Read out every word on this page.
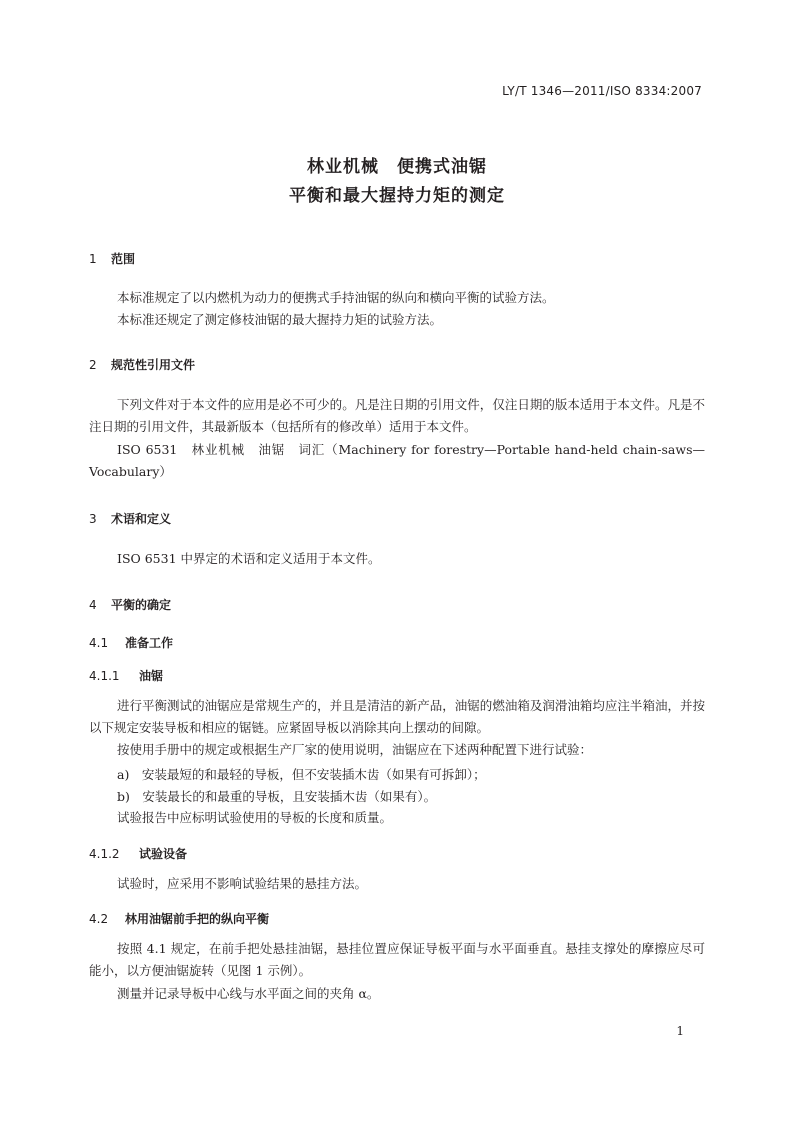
LY/T 1346—2011/ISO 8334:2007
林业机械　便携式油锯
平衡和最大握持力矩的测定
1 范围
本标准规定了以内燃机为动力的便携式手持油锯的纵向和横向平衡的试验方法。
本标准还规定了测定修枝油锯的最大握持力矩的试验方法。
2 规范性引用文件
下列文件对于本文件的应用是必不可少的。凡是注日期的引用文件，仅注日期的版本适用于本文件。凡是不注日期的引用文件，其最新版本（包括所有的修改单）适用于本文件。
ISO 6531　林业机械　油锯　词汇（Machinery for forestry—Portable hand-held chain-saws—Vocabulary）
3 术语和定义
ISO 6531 中界定的术语和定义适用于本文件。
4 平衡的确定
4.1 准备工作
4.1.1 油锯
进行平衡测试的油锯应是常规生产的，并且是清洁的新产品，油锯的燃油箱及润滑油箱均应注半箱油，并按以下规定安装导板和相应的锯链。应紧固导板以消除其向上摆动的间隙。
按使用手册中的规定或根据生产厂家的使用说明，油锯应在下述两种配置下进行试验：
a)　安装最短的和最轻的导板，但不安装插木齿（如果有可拆卸）；
b)　安装最长的和最重的导板，且安装插木齿（如果有）。
试验报告中应标明试验使用的导板的长度和质量。
4.1.2 试验设备
试验时，应采用不影响试验结果的悬挂方法。
4.2 林用油锯前手把的纵向平衡
按照 4.1 规定，在前手把处悬挂油锯，悬挂位置应保证导板平面与水平面垂直。悬挂支撑处的摩擦应尽可能小，以方便油锯旋转（见图 1 示例）。
测量并记录导板中心线与水平面之间的夹角 α。
1
